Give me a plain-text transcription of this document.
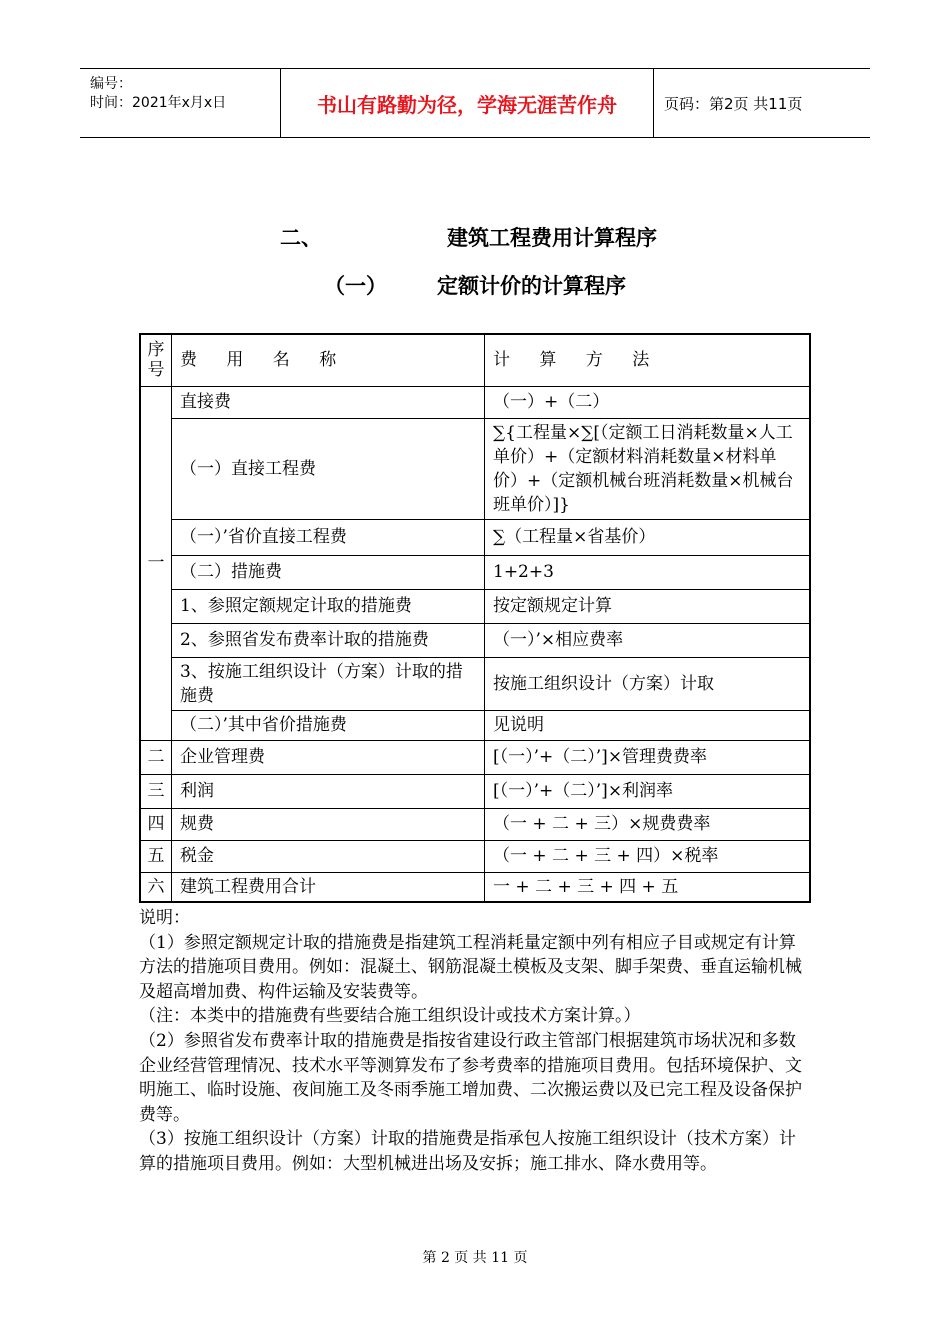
编号：
时间：2021年x月x日	书山有路勤为径，学海无涯苦作舟	页码：第2页 共11页
二、	建筑工程费用计算程序
（一） 定额计价的计算程序
序号	费 用 名 称	计 算 方 法
一	直接费	（一）+（二）
	（一）直接工程费	∑{工程量×∑[（定额工日消耗数量×人工单价）+（定额材料消耗数量×材料单价）+（定额机械台班消耗数量×机械台班单价）]}
	（一）’省价直接工程费	∑（工程量×省基价）
	（二）措施费	1+2+3
	1、参照定额规定计取的措施费	按定额规定计算
	2、参照省发布费率计取的措施费	（一）’×相应费率
	3、按施工组织设计（方案）计取的措施费	按施工组织设计（方案）计取
	（二）’其中省价措施费	见说明
二	企业管理费	[（一）’+（二）’]×管理费费率
三	利润	[（一）’+（二）’]×利润率
四	规费	（一 + 二 + 三）×规费费率
五	税金	（一 + 二 + 三 + 四）×税率
六	建筑工程费用合计	一 + 二 + 三 + 四 + 五

说明：

（1）参照定额规定计取的措施费是指建筑工程消耗量定额中列有相应子目或规定有计算方法的措施项目费用。例如：混凝土、钢筋混凝土模板及支架、脚手架费、垂直运输机械及超高增加费、构件运输及安装费等。

（注：本类中的措施费有些要结合施工组织设计或技术方案计算。）

（2）参照省发布费率计取的措施费是指按省建设行政主管部门根据建筑市场状况和多数企业经营管理情况、技术水平等测算发布了参考费率的措施项目费用。包括环境保护、文明施工、临时设施、夜间施工及冬雨季施工增加费、二次搬运费以及已完工程及设备保护费等。

（3）按施工组织设计（方案）计取的措施费是指承包人按施工组织设计（技术方案）计算的措施项目费用。例如：大型机械进出场及安拆；施工排水、降水费用等。

第 2 页 共 11 页
